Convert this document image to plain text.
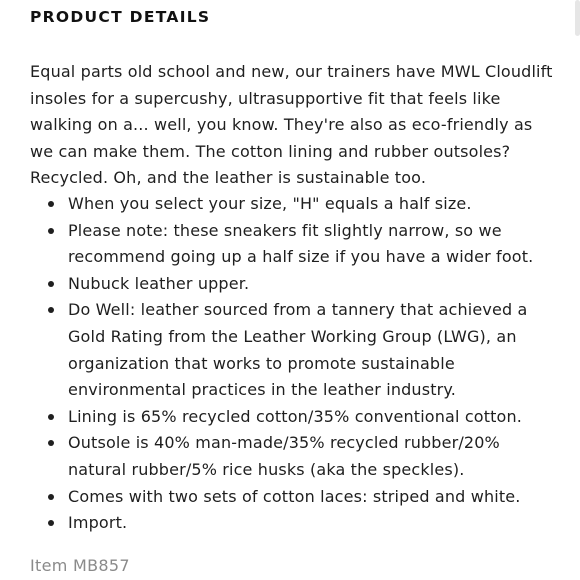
PRODUCT DETAILS

Equal parts old school and new, our trainers have MWL Cloudlift insoles for a supercushy, ultrasupportive fit that feels like walking on a... well, you know. They're also as eco-friendly as we can make them. The cotton lining and rubber outsoles? Recycled. Oh, and the leather is sustainable too.

When you select your size, "H" equals a half size.
Please note: these sneakers fit slightly narrow, so we recommend going up a half size if you have a wider foot.
Nubuck leather upper.
Do Well: leather sourced from a tannery that achieved a Gold Rating from the Leather Working Group (LWG), an organization that works to promote sustainable environmental practices in the leather industry.
Lining is 65% recycled cotton/35% conventional cotton.
Outsole is 40% man-made/35% recycled rubber/20% natural rubber/5% rice husks (aka the speckles).
Comes with two sets of cotton laces: striped and white.
Import.

Item MB857
